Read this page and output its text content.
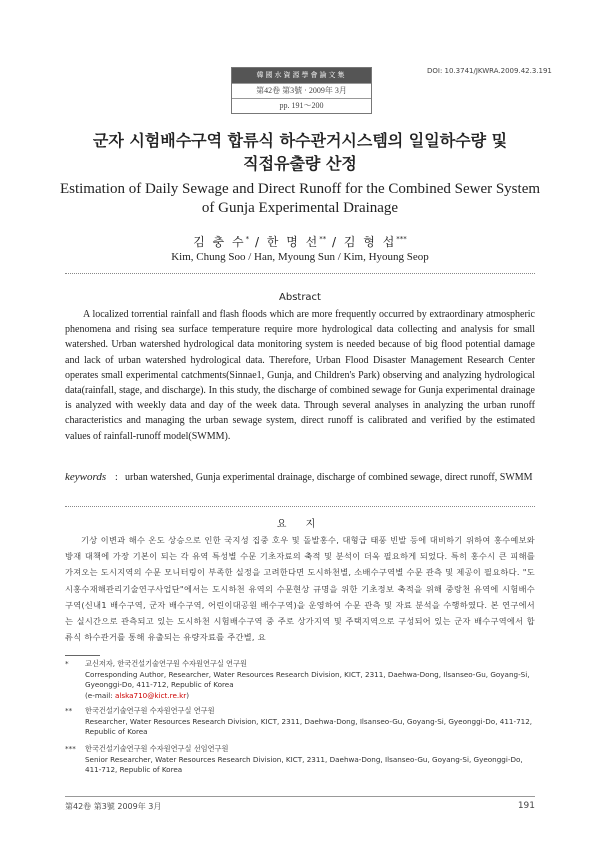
韓國水資源學會論文集
第42卷 第3號 · 2009年 3月
pp. 191～200
DOI: 10.3741/JKWRA.2009.42.3.191
군자 시험배수구역 합류식 하수관거시스템의 일일하수량 및
직접유출량 산정
Estimation of Daily Sewage and Direct Runoff for the Combined Sewer System
of Gunja Experimental Drainage
김 충 수* / 한 명 선** / 김 형 섭***
Kim, Chung Soo / Han, Myoung Sun / Kim, Hyoung Seop
Abstract

A localized torrential rainfall and flash floods which are more frequently occurred by extraordinary atmospheric phenomena and rising sea surface temperature require more hydrological data collecting and analysis for small watershed. Urban watershed hydrological data monitoring system is needed because of big flood potential damage and lack of urban watershed hydrological data. Therefore, Urban Flood Disaster Management Research Center operates small experimental catchments(Sinnae1, Gunja, and Children's Park) observing and analyzing hydrological data(rainfall, stage, and discharge). In this study, the discharge of combined sewage for Gunja experimental drainage is analyzed with weekly data and day of the week data. Through several analyses in analyzing the urban runoff characteristics and managing the urban sewage system, direct runoff is calibrated and verified by the estimated values of rainfall-runoff model(SWMM).

keywords : urban watershed, Gunja experimental drainage, discharge of combined sewage, direct runoff, SWMM
요 지

기상 이변과 해수 온도 상승으로 인한 국지성 집중 호우 및 돌발홍수, 대형급 태풍 빈발 등에 대비하기 위하여 홍수예보와 방재 대책에 가장 기본이 되는 각 유역 특성별 수문 기초자료의 축적 및 분석이 더욱 필요하게 되었다. 특히 홍수시 큰 피해를 가져오는 도시지역의 수문 모니터링이 부족한 실정을 고려한다면 도시하천별, 소배수구역별 수문 관측 및 제공이 필요하다. "도시홍수재해관리기술연구사업단"에서는 도시하천 유역의 수문현상 규명을 위한 기초정보 축적을 위해 중랑천 유역에 시험배수구역(신내1 배수구역, 군자 배수구역, 어린이대공원 배수구역)을 운영하여 수문 관측 및 자료 분석을 수행하였다. 본 연구에서는 실시간으로 관측되고 있는 도시하천 시험배수구역 중 주로 상가지역 및 주택지역으로 구성되어 있는 군자 배수구역에서 합류식 하수관거를 통해 유출되는 유량자료를 주간별, 요

* 교신저자, 한국건설기술연구원 수자원연구실 연구원
Corresponding Author, Researcher, Water Resources Research Division, KICT, 2311, Daehwa-Dong, Ilsanseo-Gu, Goyang-Si, Gyeonggi-Do, 411-712, Republic of Korea
(e-mail: alska710@kict.re.kr)
** 한국건설기술연구원 수자원연구실 연구원
Researcher, Water Resources Research Division, KICT, 2311, Daehwa-Dong, Ilsanseo-Gu, Goyang-Si, Gyeonggi-Do, 411-712, Republic of Korea
*** 한국건설기술연구원 수자원연구실 선임연구원
Senior Researcher, Water Resources Research Division, KICT, 2311, Daehwa-Dong, Ilsanseo-Gu, Goyang-Si, Gyeonggi-Do, 411-712, Republic of Korea
第42卷 第3號 2009年 3月	191
